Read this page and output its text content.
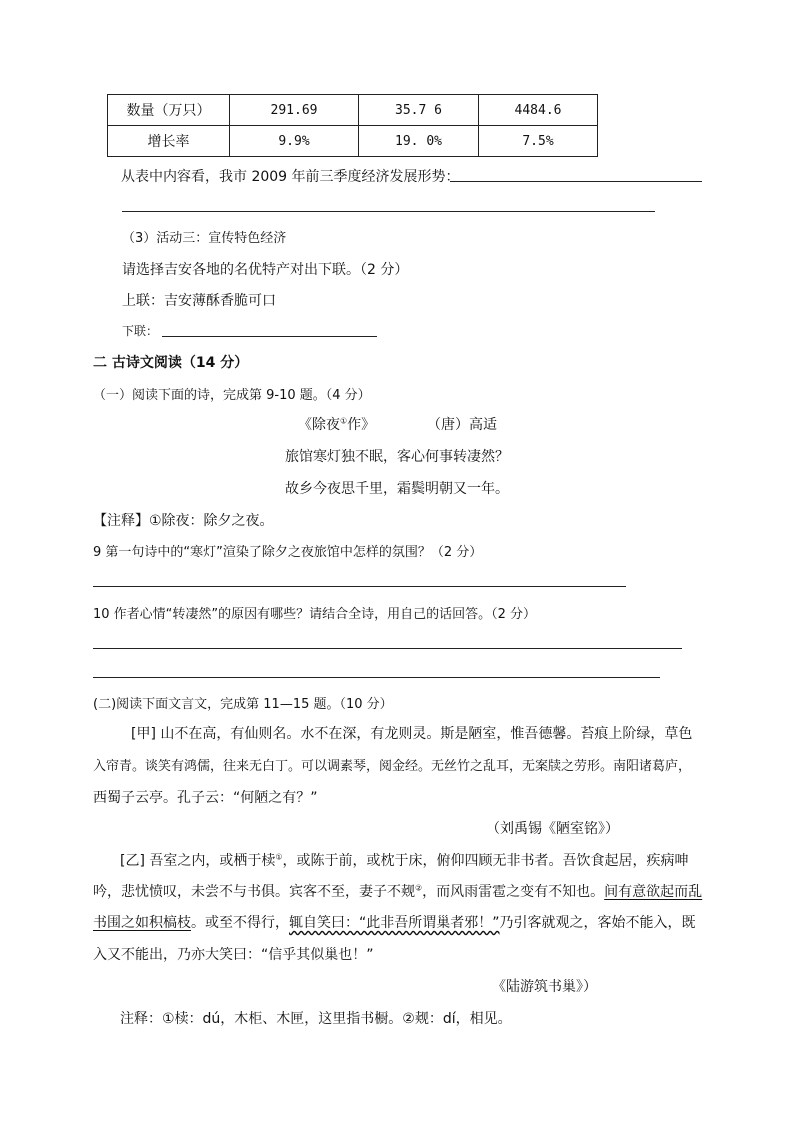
数量（万只）	291.69	35.7 6	4484.6
增长率	9.9%	19. 0%	7.5%
从表中内容看，我市 2009 年前三季度经济发展形势：
（3）活动三：宣传特色经济
请选择吉安各地的名优特产对出下联。（2 分）
上联：吉安薄酥香脆可口
下联：
二 古诗文阅读（14 分）
（一）阅读下面的诗，完成第 9-10 题。（4 分）
《除夜①作》	（唐）高适
旅馆寒灯独不眠，客心何事转凄然？
故乡今夜思千里，霜鬓明朝又一年。
【注释】①除夜：除夕之夜。
9 第一句诗中的“寒灯”渲染了除夕之夜旅馆中怎样的氛围？（2 分）
10 作者心情“转凄然”的原因有哪些？请结合全诗，用自己的话回答。（2 分）
(二)阅读下面文言文，完成第 11—15 题。（10 分）
[甲] 山不在高，有仙则名。水不在深，有龙则灵。斯是陋室，惟吾德馨。苔痕上阶绿，草色
入帘青。谈笑有鸿儒，往来无白丁。可以调素琴，阅金经。无丝竹之乱耳，无案牍之劳形。南阳诸葛庐，
西蜀子云亭。孔子云：“何陋之有？”
（刘禹锡《陋室铭》）
[乙] 吾室之内，或栖于椟①，或陈于前，或枕于床，俯仰四顾无非书者。吾饮食起居，疾病呻
吟，悲忧愤叹，未尝不与书俱。宾客不至，妻子不觌②，而风雨雷雹之变有不知也。间有意欲起而乱
书围之如积槁枝。或至不得行，辄自笑曰：“此非吾所谓巢者邪！”乃引客就观之，客始不能入，既
入又不能出，乃亦大笑曰：“信乎其似巢也！”
《陆游筑书巢》）
注释：①椟：dú，木柜、木匣，这里指书橱。②觌：dí，相见。
